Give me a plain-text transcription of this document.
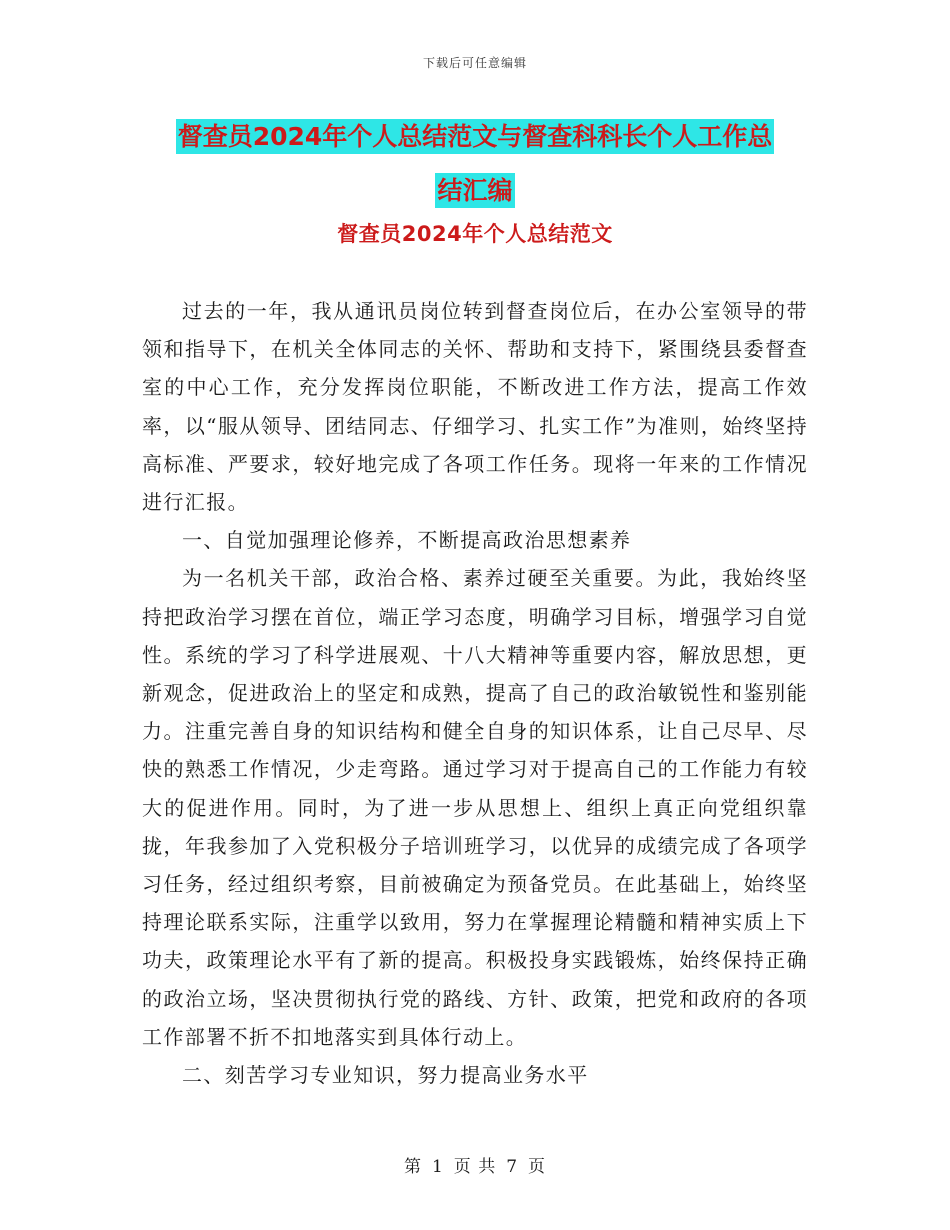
下载后可任意编辑
督查员2024年个人总结范文与督查科科长个人工作总
结汇编
督查员2024年个人总结范文

过去的一年，我从通讯员岗位转到督查岗位后，在办公室领导的带领和指导下，在机关全体同志的关怀、帮助和支持下，紧围绕县委督查室的中心工作，充分发挥岗位职能，不断改进工作方法，提高工作效率，以“服从领导、团结同志、仔细学习、扎实工作”为准则，始终坚持高标准、严要求，较好地完成了各项工作任务。现将一年来的工作情况进行汇报。

一、自觉加强理论修养，不断提高政治思想素养

为一名机关干部，政治合格、素养过硬至关重要。为此，我始终坚持把政治学习摆在首位，端正学习态度，明确学习目标，增强学习自觉性。系统的学习了科学进展观、十八大精神等重要内容，解放思想，更新观念，促进政治上的坚定和成熟，提高了自己的政治敏锐性和鉴别能力。注重完善自身的知识结构和健全自身的知识体系，让自己尽早、尽快的熟悉工作情况，少走弯路。通过学习对于提高自己的工作能力有较大的促进作用。同时，为了进一步从思想上、组织上真正向党组织靠拢，年我参加了入党积极分子培训班学习，以优异的成绩完成了各项学习任务，经过组织考察，目前被确定为预备党员。在此基础上，始终坚持理论联系实际，注重学以致用，努力在掌握理论精髓和精神实质上下功夫，政策理论水平有了新的提高。积极投身实践锻炼，始终保持正确的政治立场，坚决贯彻执行党的路线、方针、政策，把党和政府的各项工作部署不折不扣地落实到具体行动上。

二、刻苦学习专业知识，努力提高业务水平

第 1 页 共 7 页
